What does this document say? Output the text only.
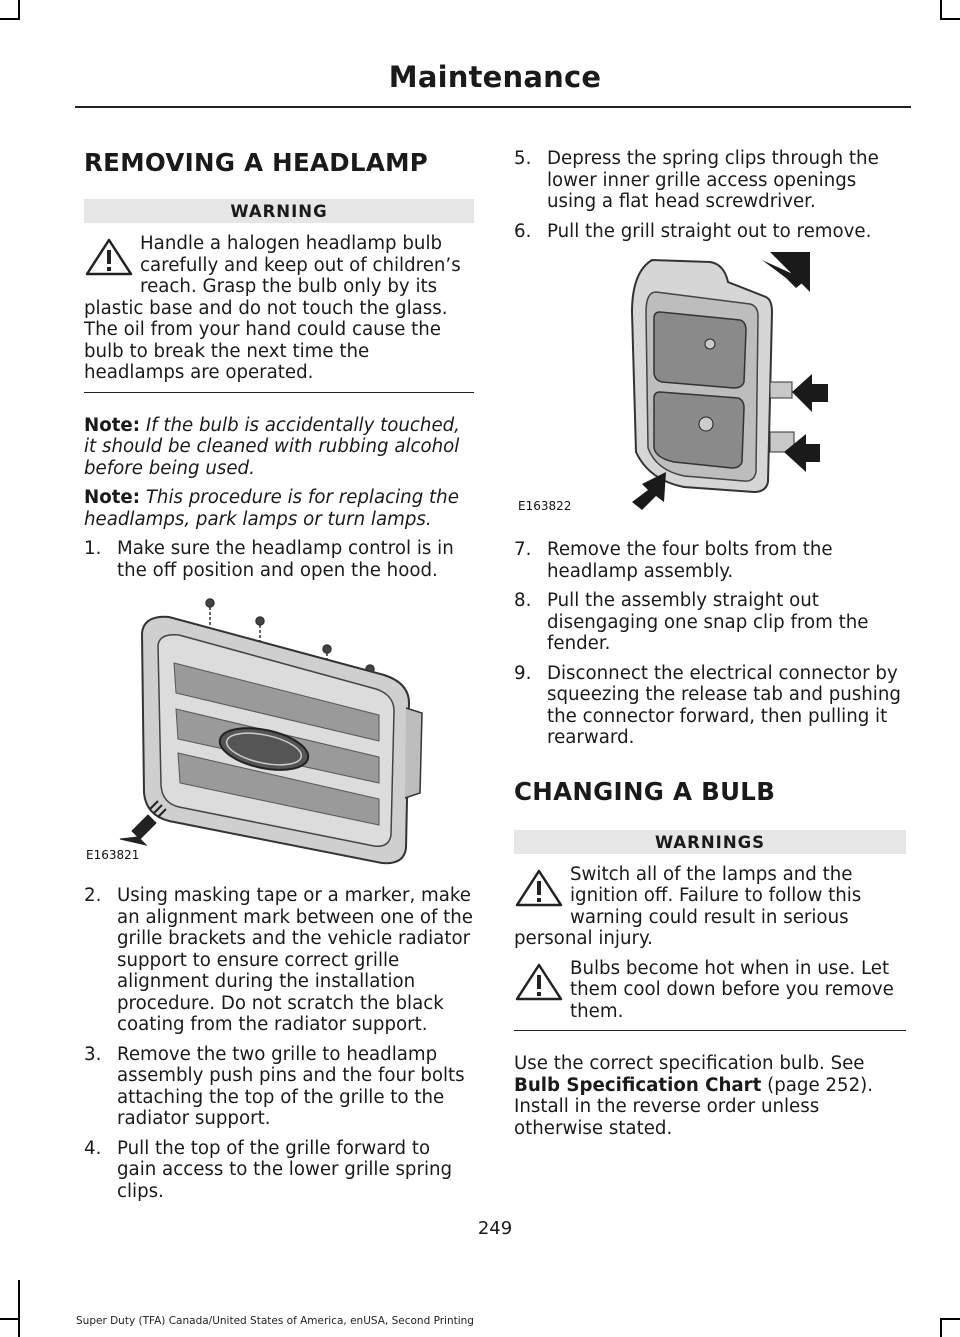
Maintenance
REMOVING A HEADLAMP
WARNING

Handle a halogen headlamp bulb carefully and keep out of children’s reach. Grasp the bulb only by its plastic base and do not touch the glass. The oil from your hand could cause the bulb to break the next time the headlamps are operated.

Note: If the bulb is accidentally touched, it should be cleaned with rubbing alcohol before being used.

Note: This procedure is for replacing the headlamps, park lamps or turn lamps.

1. Make sure the headlamp control is in the off position and open the hood.
E163821
2. Using masking tape or a marker, make an alignment mark between one of the grille brackets and the vehicle radiator support to ensure correct grille alignment during the installation procedure. Do not scratch the black coating from the radiator support.
3. Remove the two grille to headlamp assembly push pins and the four bolts attaching the top of the grille to the radiator support.
4. Pull the top of the grille forward to gain access to the lower grille spring clips.
5. Depress the spring clips through the lower inner grille access openings using a flat head screwdriver.
6. Pull the grill straight out to remove.
E163822
7. Remove the four bolts from the headlamp assembly.
8. Pull the assembly straight out disengaging one snap clip from the fender.
9. Disconnect the electrical connector by squeezing the release tab and pushing the connector forward, then pulling it rearward.
CHANGING A BULB
WARNINGS

Switch all of the lamps and the ignition off. Failure to follow this warning could result in serious personal injury.

Bulbs become hot when in use. Let them cool down before you remove them.

Use the correct specification bulb. See Bulb Specification Chart (page 252). Install in the reverse order unless otherwise stated.

249
Super Duty (TFA) Canada/United States of America, enUSA, Second Printing
